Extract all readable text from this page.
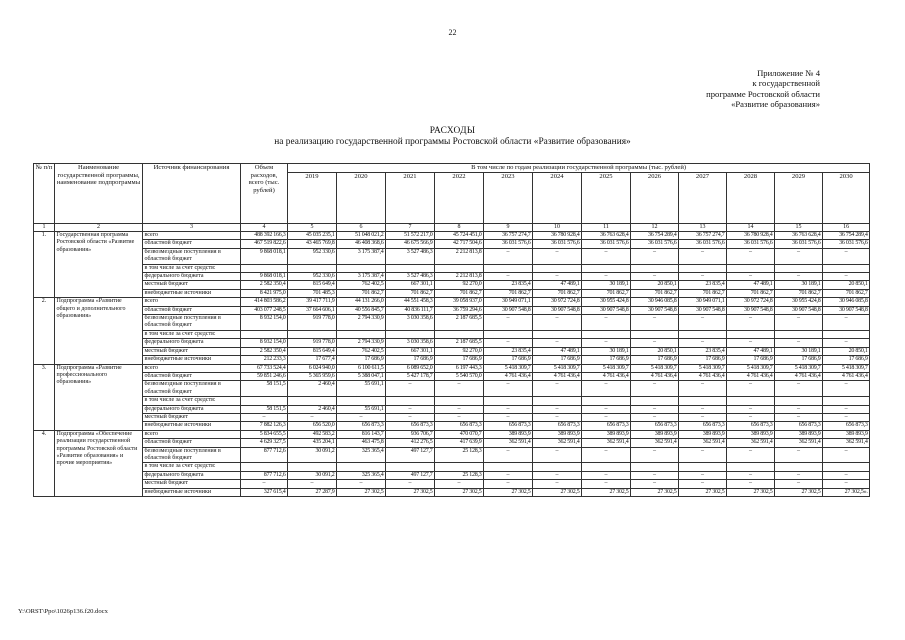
22
Приложение № 4
к государственной
программе Ростовской области
«Развитие образования»
РАСХОДЫ
на реализацию государственной программы Ростовской области «Развитие образования»
№ п/п	Наименование государственной программы, наименование подпрограммы	Источник финансирования	Объем расходов, всего (тыс. рублей)	В том числе по годам реализации государственной программы (тыс. рублей)											
				2019	2020	2021	2022	2023	2024	2025	2026	2027	2028	2029	2030
1	2	3	4	5	6	7	8	9	10	11	12	13	14	15	16
1.	Государственная программа Ростовской области «Развитие образования»	всего	488 392 166,3	45 035 235,1	51 048 021,2	51 572 217,0	45 724 451,0	36 757 274,7	36 780 928,4	36 763 628,4	36 754 289,4	36 757 274,7	36 780 928,4	36 763 628,4	36 754 289,4
		областной бюджет	467 519 822,6	43 465 769,8	46 408 368,6	46 675 566,9	42 717 504,6	36 031 576,6	36 031 576,6	36 031 576,6	36 031 576,6	36 031 576,6	36 031 576,6	36 031 576,6	36 031 576,6
		безвозмездные поступления в областной бюджет	9 868 018,1	952 330,6	3 175 387,4	3 527 486,3	2 212 813,8	–	–	–	–	–	–	–	–
		в том числе за счет средств:													
		федерального бюджета	9 868 018,1	952 330,6	3 175 387,4	3 527 486,3	2 212 813,8	–	–	–	–	–	–	–	–
		местный бюджет	2 582 350,4	815 649,4	762 402,5	667 301,1	92 270,0	23 835,4	47 489,1	30 189,1	20 850,1	23 835,4	47 489,1	30 189,1	20 850,1
		внебюджетные источники	8 421 975,0	701 485,3	701 862,7	701 862,7	701 862,7	701 862,7	701 862,7	701 862,7	701 862,7	701 862,7	701 862,7	701 862,7	701 862,7
2.	Подпрограмма «Развитие общего и дополнительного образования»	всего	414 803 586,2	39 417 711,9	44 131 266,0	44 551 458,3	39 058 937,0	30 949 071,1	30 972 724,8	30 955 424,8	30 946 085,8	30 949 071,1	30 972 724,8	30 955 424,8	30 946 085,8
		областной бюджет	403 077 248,5	37 664 606,1	40 556 845,7	40 836 111,7	36 759 294,6	30 907 548,8	30 907 548,8	30 907 548,8	30 907 548,8	30 907 548,8	30 907 548,8	30 907 548,8	30 907 548,8
		безвозмездные поступления в областной бюджет	8 932 154,0	919 778,0	2 794 330,9	3 030 358,6	2 187 685,5	–	–	–	–	–	–	–	–
		в том числе за счет средств:													
		федерального бюджета	8 932 154,0	919 778,0	2 794 330,9	3 030 358,6	2 187 685,5	–	–	–	–	–	–	–	–
		местный бюджет	2 582 350,4	815 649,4	762 402,5	667 301,1	92 270,0	23 835,4	47 489,1	30 189,1	20 850,1	23 835,4	47 489,1	30 189,1	20 850,1
		внебюджетные источники	212 233,3	17 677,4	17 686,9	17 686,9	17 686,9	17 686,9	17 686,9	17 686,9	17 686,9	17 686,9	17 686,9	17 686,9	17 686,9
3.	Подпрограмма «Развитие профессионального образования»	всего	67 733 524,4	6 024 940,0	6 100 611,5	6 089 652,0	6 197 443,3	5 418 309,7	5 418 309,7	5 418 309,7	5 418 309,7	5 418 309,7	5 418 309,7	5 418 309,7	5 418 309,7
		областной бюджет	59 851 246,6	5 365 959,6	5 388 047,1	5 427 178,7	5 540 570,0	4 761 436,4	4 761 436,4	4 761 436,4	4 761 436,4	4 761 436,4	4 761 436,4	4 761 436,4	4 761 436,4
		безвозмездные поступления в областной бюджет	58 151,5	2 460,4	55 691,1	–	–	–	–	–	–	–	–	–	–
		в том числе за счет средств:													
		федерального бюджета	58 151,5	2 460,4	55 691,1	–	–	–	–	–	–	–	–	–	–
		местный бюджет	–	–	–	–	–	–	–	–	–	–	–	–	–
		внебюджетные источники	7 882 126,3	656 520,0	656 873,3	656 873,3	656 873,3	656 873,3	656 873,3	656 873,3	656 873,3	656 873,3	656 873,3	656 873,3	656 873,3
4.	Подпрограмма «Обеспечение реализации государственной программы Ростовской области «Развитие образования» и прочие мероприятия»	всего	5 834 655,5	492 583,2	816 143,7	936 706,7	470 070,7	389 893,9	389 893,9	389 893,9	389 893,9	389 893,9	389 893,9	389 893,9	389 893,9
		областной бюджет	4 629 327,5	435 204,1	463 475,8	412 276,5	417 639,9	362 591,4	362 591,4	362 591,4	362 591,4	362 591,4	362 591,4	362 591,4	362 591,4
		безвозмездные поступления в областной бюджет	877 712,6	30 091,2	325 365,4	497 127,7	25 128,3	–	–	–	–	–	–	–	–
		в том числе за счет средств:													
		федерального бюджета	877 712,6	30 091,2	325 365,4	497 127,7	25 128,3	–	–	–	–	–	–	–	–
		местный бюджет	–	–	–	–	–	–	–	–	–	–	–	–	–
		внебюджетные источники	327 615,4	27 287,9	27 302,5	27 302,5	27 302,5	27 302,5	27 302,5	27 302,5	27 302,5	27 302,5	27 302,5	27 302,5	27 302,5».
Y:\ORST\Ppo\1026p136.f20.docx
